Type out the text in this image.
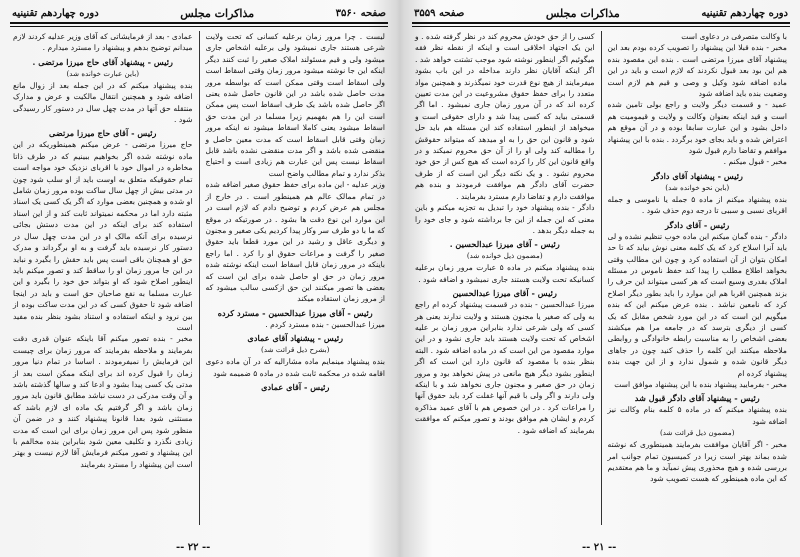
صفحه ۳۵۶۰
مذاکرات مجلس
دوره چهاردهم تقنینیه

لیست . چرا مرور زمان برعلیه کسانی که تحت ولایت شرعی هستند جاری نمیشود ولی برعلیه اشخاص جاری میشود ولی و قیم مسئولند املاک صغیر را ثبت کنند دیگر اینکه این جا نوشته میشود مرور زمان وقتی اسقاط است ولی اسقاط است وقتی ممکن است که بواسطه مرور مدت حاصل شده باشد در این قانون حاصل شده یعنی اگر حاصل شده باشد یک طرف اسقاط است پس ممکن است این را هم بفهمیم زیرا مسلما در این مدت حق اسقاط میشود یعنی کاملا اسقاط میشود نه اینکه مرور زمان وقتی قابل اسقاط است که مدت معین حاصل و منقضی شده باشد و اگر مدت منقضی نشده باشد قابل اسقاط نیست پس این عبارت هم زیادی است و احتیاج بذکر ندارد و تمام مطالب واضح است

وزیر عدلیه - این ماده برای حفظ حقوق صغیر اضافه شده در تمام ممالک عالم هم همینطور است . در خارج از مجلس هم عرض کردم و توضیح دادم که لازم است در این موارد این نوع دقت ها بشود . در صورتیکه در موقع که ما با دو طرف سر وکار پیدا کردیم یکی صغیر و مجنون و دیگری عاقل و رشید در این مورد قطعا باید حقوق صغیر را گرفت و مراعات حقوق او را کرد . اما راجع باینکه در مرور زمان قابل اسقاط است اینکه نوشته شده مرور زمان در حق او حاصل شده برای این است که بعضی ها تصور میکنند این حق ازکسی سالب میشود که از مرور زمان استفاده میکند

رئیس - آقای میرزا عبدالحسین - مسترد کرده

میرزا عبدالحسین - بنده مسترد کردم .

رئیس - پیشنهاد آقای عمادی

(بشرح ذیل قرائت شد)

بنده پیشنهاد مینمایم ماده مشارالیه که در آن ماده دعوی اقامه شده در محکمه ثابت شده در ماده ۵ ضمیمه شود

رئیس - آقای عمادی

عمادی - بعد از فرمایشاتی که آقای وزیر عدلیه کردند لازم میدانم توضیح بدهم و پیشنهاد را مسترد میدارم .

رئیس - پیشنهاد آقای حاج میرزا مرتضی .

(باین عبارت خوانده شد)

بنده پیشنهاد میکنم که در این جمله بعد از زوال مانع اضافه شود و همچنین انتقال مالکیت و عرض و مدارک منتقله حق آنها در مدت چهل سال در دستور کار رسیدگی شود .

رئیس - آقای حاج میرزا مرتضی

حاج میرزا مرتضی - عرض میکنم همینطوریکه در این ماده نوشته شده اگر بخواهیم ببینیم که در طرف ذاتا مخاطره در اموال خود با اقربای نزدیک خود مواجه است تمام حقوقیکه متعلق به اوست باید از او سلب شود چون در مدتی بیش از چهل سال ساکت بوده مرور زمان شامل او شده و همچنین بعضی موارد که اگر یک کسی یک اسناد مثبته دارد اما در محکمه نمیتواند ثابت کند و از این اسناد استفاده کند برای اینکه در این مدت دستش بجائی نرسیده برای آنکه مالک او در این مدت چهل سال در دستور کار نرسیده باید گرفت و به او برگرداند و مدرک حق او همچنان باقی است پس باید حقش را بگیرد و نباید در این جا مرور زمان او را ساقط کند و تصور میکنم باید اینطور اصلاح شود که او بتواند حق خود را بگیرد و این عبارت مسلما به نفع صاحبان حق است و باید در اینجا اضافه شود تا حقوق کسی که در این مدت ساکت بوده از بین نرود و اینکه استفاده و استناد بشود بنظر بنده مفید است

مخبر - بنده تصور میکنم آقا باینکه عنوان قدری دقت بفرمایند و ملاحظه بفرمایند که مرور زمان برای چیست این فرمایش را نمیفرمودند . اساسا در تمام دنیا مرور زمان را قبول کرده اند برای اینکه ممکن است بعد از مدتی یک کسی پیدا بشود و ادعا کند و سالها گذشته باشد و آن وقت مدرکی در دست نباشد مطابق قانون باید مرور زمان باشد و اگر گرفتیم یک ماده ای لازم باشد که مستثنی شود بعدا قانونا پیشنهاد کنند و در ضمن آن منظور شود پس این مرور زمان برای این است که مدت زیادی نگذرد و تکلیف معین شود بنابراین بنده مخالفم با این پیشنهاد و تصور میکنم فرمایش آقا لازم نیست و بهتر است این پیشنهاد را مسترد بفرمایند

-- ۲۲ --
دوره چهاردهم تقنینیه
مذاکرات مجلس
صفحه ۳۵۵۹

با وکالت متصرفی در دعاوی است

مخبر - بنده قبلا این پیشنهاد را تصویب کرده بودم بعد این پیشنهاد آقای میرزا مرتضی است . بنده این مقصود بنده هم این بود بعد قبول نکردند که لازم است و باید در این ماده اضافه شود وکیل و وصی و قیم هم لازم است وضعیت بنده باید اضافه شود

عمید - و قسمت دیگر ولایت و راجع بولی تامین شده است و قید اینکه بعنوان وکالت و ولایت و قیمومیت هم داخل بشود و این عبارت سابقا بوده و در آن موقع هم اعتراض شده و باید بجای خود برگردد . بنده با این پیشنهاد موافقم و تقاضا دارم قبول شود

مخبر - قبول میکنم .

رئیس - پیشنهاد آقای دادگر

(باین نحو خوانده شد)

بنده پیشنهاد میکنم از ماده ۵ جمله یا ناموسی و جمله اقربای نسبی و سببی تا درجه دوم حذف شود .

رئیس - آقای دادگر

دادگر - بنده گمان میکنم این ماده خوب تنظیم نشده و لی باید آنرا اسلاح کرد که یک کلمه معنی نوش بیاید که تا حد امکان بتوان از آن استفاده کرد و چون این مطالب وقتی بخواهد اطلاع مطلب را پیدا کند حفظ ناموس در مسئله املاک بقدری وسیع است که هر کسی میتواند این حرف را بزند همچنین اقربا هم این موارد را باید بطور دیگر اصلاح کرد که نامعین نباشد . بنده عرض میکنم این که بنده میگویم این است که در این مورد شخص مقابل که یک کسی از دیگری بترسد که در جامعه مرا هم میکشند بعضی اشخاص را به مناسبت رابطه خانوادگی و روابطی ملاحظه میکنند این کلمه را حذف کنید چون در جاهای دیگر قانون شده و شمول ندارد و از این جهت بنده پیشنهاد کرده ام

مخبر - بفرمایید پیشنهاد بنده با این پیشنهاد موافق است

رئیس - پیشنهاد آقای دادگر قبول شد

بنده پیشنهاد میکنم که در ماده ۵ کلمه بنام وکالت نیز اضافه شود

(مضمون ذیل قرائت شد)

مخبر - اگر آقایان موافقت بفرمایند همینطوری که نوشته شده بماند بهتر است زیرا در کمیسیون تمام جوانب امر بررسی شده و هیچ محذوری پیش نمیآید و ما هم معتقدیم که این ماده همینطور که هست تصویب شود

کسی را از حق خودش محروم کند در نظر گرفته شده . و این یک اجتهاد اخلاقی است و اینکه از نقطه نظر فقه میگوئیم اگر اینطور نوشته شود موجب تشتت خواهد شد . اگر اینکه آقایان نظر دارند مداخله در این باب بشود میفرمایند از هیچ نوع قدرت خود نمیگذرند و همچنین مواد متعدد را برای حفظ حقوق مشروعیت در این مدت تعیین کرده اند که در آن مرور زمان جاری نمیشود . اما اگر قسمتی بیاید که کسی پیدا شد و دارای حقوقی است و میخواهد از اینطور استفاده کند این مسئله هم باید حل شود و قانون این حق را به او میدهد که میتواند حقوقش را مطالبه کند ولی او را از آن حق محروم نمیکند و در واقع قانون این کار را کرده است که هیچ کس از حق خود محروم نشود . و یک نکته دیگر این است که از طرف حضرت آقای دادگر هم موافقت فرمودند و بنده هم موافقت دارم و تقاضا دارم مسترد بفرمایند .

دادگر - بنده پیشنهاد خود را تبدیل به تجزیه میکنم و باین معنی که این جمله از این جا برداشته شود و جای خود را به جمله دیگر بدهد .

رئیس - آقای میرزا عبدالحسین .

(مضمون ذیل خوانده شد)

بنده پیشنهاد میکنم در ماده ۵ عبارت مرور زمان برعلیه کسانیکه تحت ولایت هستند جاری نمیشود و اضافه شود .

رئیس - آقای میرزا عبدالحسین

میرزا عبدالحسین - بنده در قسمت پیشنهاد کرده ام راجع به ولی که صغیر یا مجنون هستند و ولایت ندارند یعنی هر کسی که ولی شرعی ندارد بنابراین مرور زمان بر علیه اشخاص که تحت ولایت هستند باید جاری نشود و در این موارد مقصود من این است که در ماده اضافه شود . البته بنظر بنده با مقصود که قانون دارد این است که اگر اینطور بشود دیگر هیچ مانعی در پیش نخواهد بود و مرور زمان در حق صغیر و مجنون جاری نخواهد شد و با اینکه ولی دارند و اگر ولی با قیم آنها غفلت کرد باید حقوق آنها را مراعات کرد . در این خصوص هم با آقای عمید مذاکره کردم و ایشان هم موافق بودند و تصور میکنم که موافقت بفرمایند که اضافه شود .

-- ۲۱ --
